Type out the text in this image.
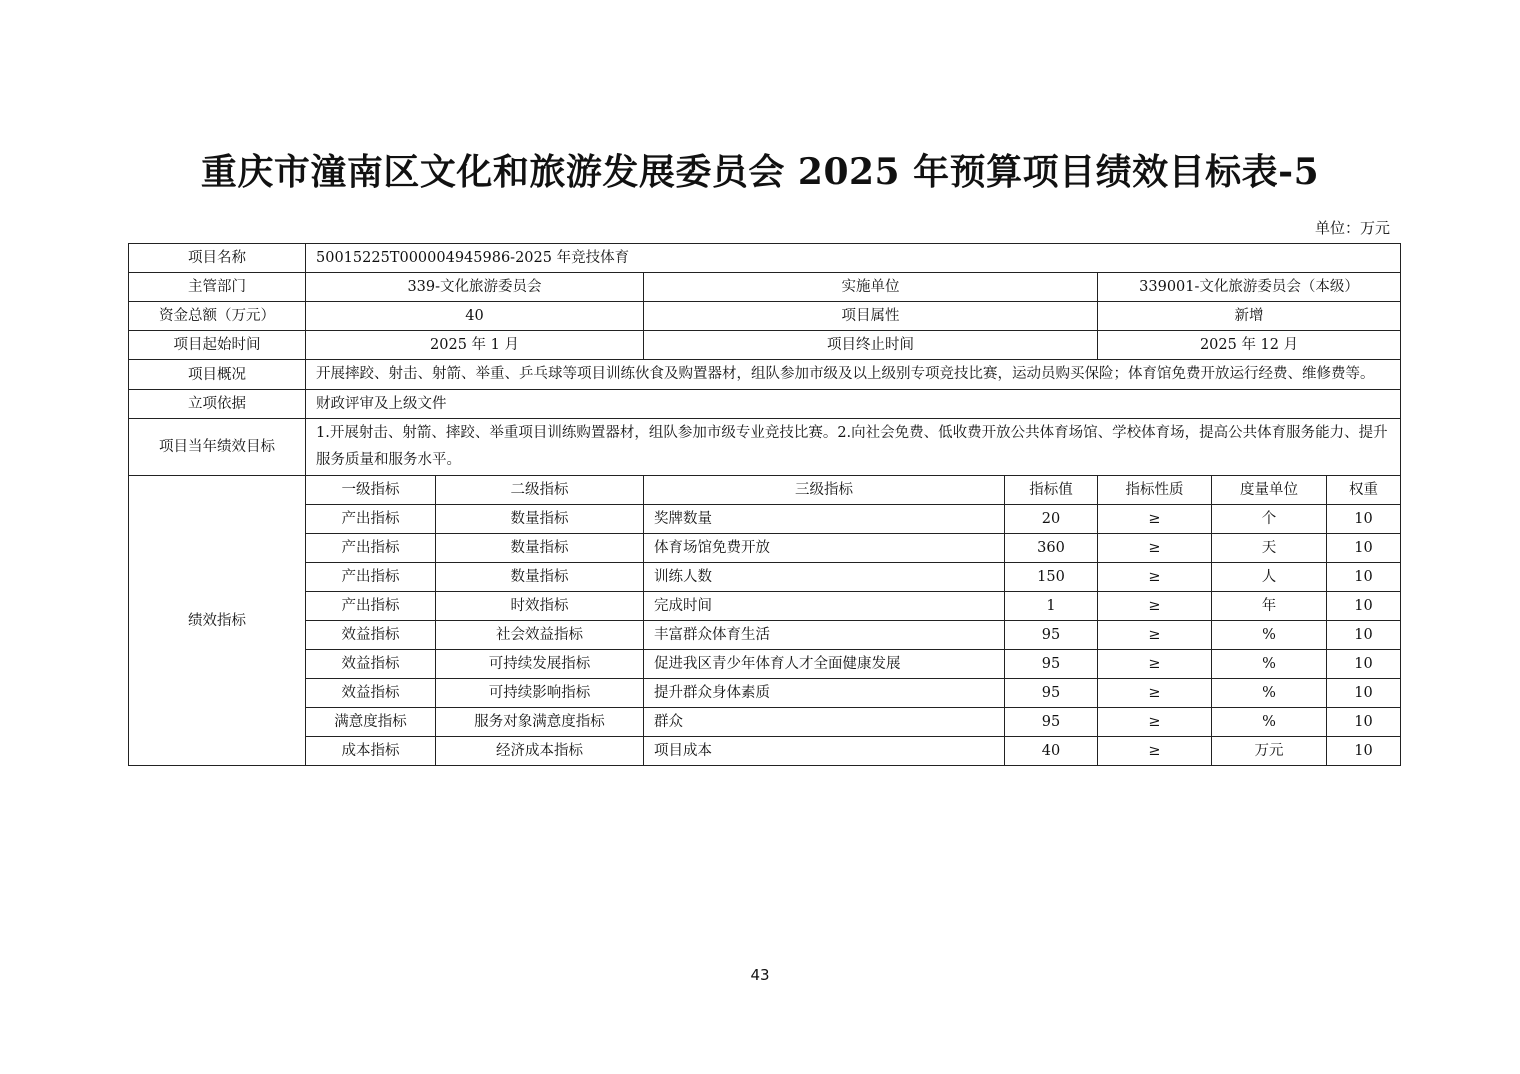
重庆市潼南区文化和旅游发展委员会 2025 年预算项目绩效目标表-5
单位：万元
项目名称	50015225T000004945986-2025 年竞技体育						
主管部门	339-文化旅游委员会		实施单位		339001-文化旅游委员会（本级）		
资金总额（万元）	40		项目属性		新增		
项目起始时间	2025 年 1 月		项目终止时间		2025 年 12 月		
项目概况	开展摔跤、射击、射箭、举重、乒乓球等项目训练伙食及购置器材，组队参加市级及以上级别专项竞技比赛，运动员购买保险；体育馆免费开放运行经费、维修费等。						
立项依据	财政评审及上级文件						
项目当年绩效目标	1.开展射击、射箭、摔跤、举重项目训练购置器材，组队参加市级专业竞技比赛。2.向社会免费、低收费开放公共体育场馆、学校体育场，提高公共体育服务能力、提升服务质量和服务水平。						
绩效指标	一级指标	二级指标	三级指标	指标值	指标性质	度量单位	权重
	产出指标	数量指标	奖牌数量	20	≥	个	10
	产出指标	数量指标	体育场馆免费开放	360	≥	天	10
	产出指标	数量指标	训练人数	150	≥	人	10
	产出指标	时效指标	完成时间	1	≥	年	10
	效益指标	社会效益指标	丰富群众体育生活	95	≥	%	10
	效益指标	可持续发展指标	促进我区青少年体育人才全面健康发展	95	≥	%	10
	效益指标	可持续影响指标	提升群众身体素质	95	≥	%	10
	满意度指标	服务对象满意度指标	群众	95	≥	%	10
	成本指标	经济成本指标	项目成本	40	≥	万元	10
43
